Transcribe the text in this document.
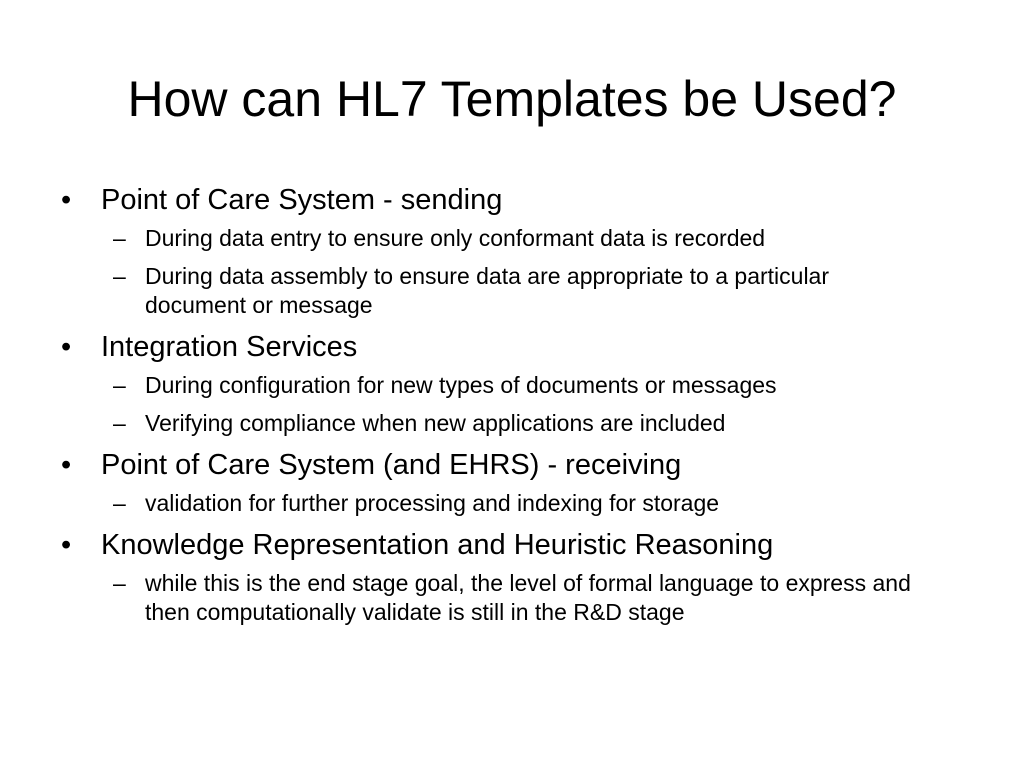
How can HL7 Templates be Used?
•	Point of Care System - sending
– During data entry to ensure only conformant data is recorded
– During data assembly to ensure data are appropriate to a particular document or message
•	Integration Services
– During configuration for new types of documents or messages
– Verifying compliance when new applications are included
•	Point of Care System (and EHRS) - receiving
– validation for further processing and indexing for storage
•	Knowledge Representation and Heuristic Reasoning
– while this is the end stage goal, the level of formal language to express and then computationally validate is still in the R&D stage
